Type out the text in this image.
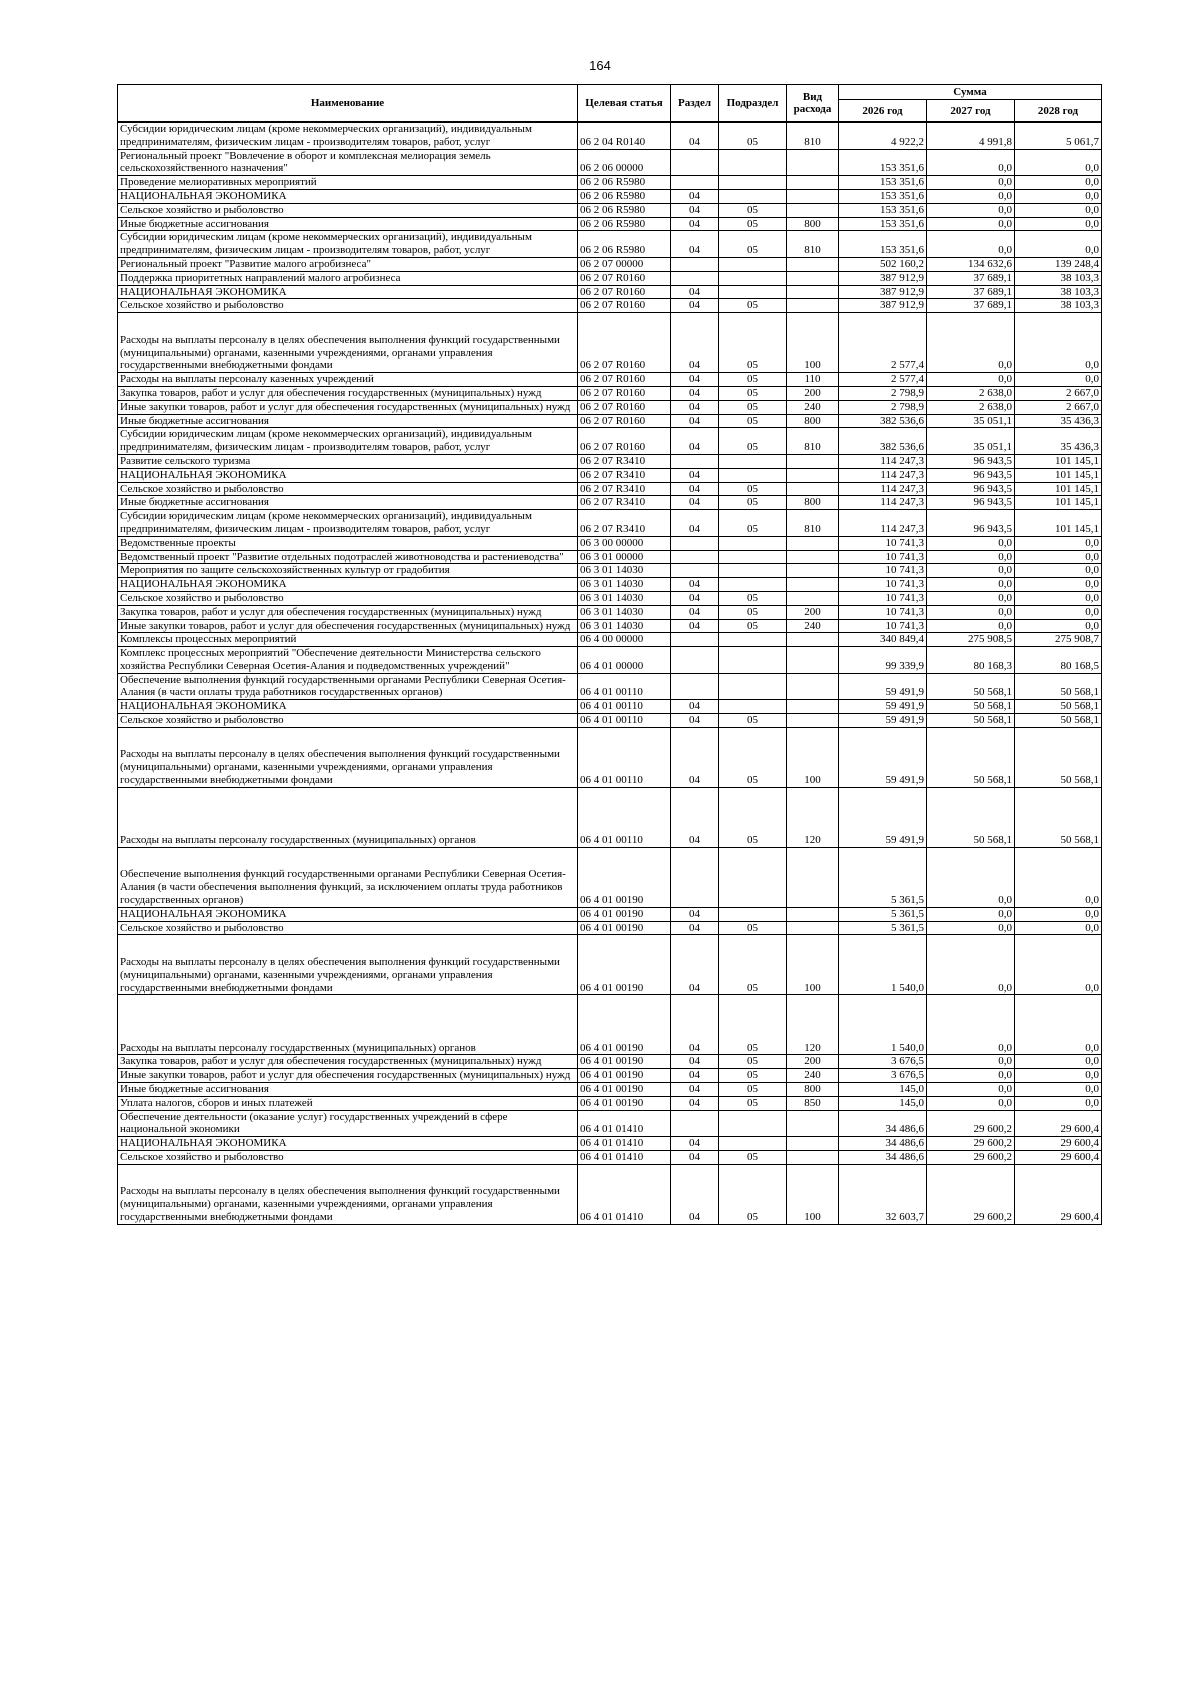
164
Наименование	Целевая статья	Раздел	Подраздел	Вид расхода	Сумма		
					2026 год	2027 год	2028 год
Субсидии юридическим лицам (кроме некоммерческих организаций), индивидуальным предпринимателям, физическим лицам - производителям товаров, работ, услуг	06 2 04 R0140	04	05	810	4 922,2	4 991,8	5 061,7
Региональный проект "Вовлечение в оборот и комплексная мелиорация земель сельскохозяйственного назначения"	06 2 06 00000				153 351,6	0,0	0,0
Проведение мелиоративных мероприятий	06 2 06 R5980				153 351,6	0,0	0,0
НАЦИОНАЛЬНАЯ ЭКОНОМИКА	06 2 06 R5980	04			153 351,6	0,0	0,0
Сельское хозяйство и рыболовство	06 2 06 R5980	04	05		153 351,6	0,0	0,0
Иные бюджетные ассигнования	06 2 06 R5980	04	05	800	153 351,6	0,0	0,0
Субсидии юридическим лицам (кроме некоммерческих организаций), индивидуальным предпринимателям, физическим лицам - производителям товаров, работ, услуг	06 2 06 R5980	04	05	810	153 351,6	0,0	0,0
Региональный проект "Развитие малого агробизнеса"	06 2 07 00000				502 160,2	134 632,6	139 248,4
Поддержка приоритетных направлений малого агробизнеса	06 2 07 R0160				387 912,9	37 689,1	38 103,3
НАЦИОНАЛЬНАЯ ЭКОНОМИКА	06 2 07 R0160	04			387 912,9	37 689,1	38 103,3
Сельское хозяйство и рыболовство	06 2 07 R0160	04	05		387 912,9	37 689,1	38 103,3
Расходы на выплаты персоналу в целях обеспечения выполнения функций государственными (муниципальными) органами, казенными учреждениями, органами управления государственными внебюджетными фондами	06 2 07 R0160	04	05	100	2 577,4	0,0	0,0
Расходы на выплаты персоналу казенных учреждений	06 2 07 R0160	04	05	110	2 577,4	0,0	0,0
Закупка товаров, работ и услуг для обеспечения государственных (муниципальных) нужд	06 2 07 R0160	04	05	200	2 798,9	2 638,0	2 667,0
Иные закупки товаров, работ и услуг для обеспечения государственных (муниципальных) нужд	06 2 07 R0160	04	05	240	2 798,9	2 638,0	2 667,0
Иные бюджетные ассигнования	06 2 07 R0160	04	05	800	382 536,6	35 051,1	35 436,3
Субсидии юридическим лицам (кроме некоммерческих организаций), индивидуальным предпринимателям, физическим лицам - производителям товаров, работ, услуг	06 2 07 R0160	04	05	810	382 536,6	35 051,1	35 436,3
Развитие сельского туризма	06 2 07 R3410				114 247,3	96 943,5	101 145,1
НАЦИОНАЛЬНАЯ ЭКОНОМИКА	06 2 07 R3410	04			114 247,3	96 943,5	101 145,1
Сельское хозяйство и рыболовство	06 2 07 R3410	04	05		114 247,3	96 943,5	101 145,1
Иные бюджетные ассигнования	06 2 07 R3410	04	05	800	114 247,3	96 943,5	101 145,1
Субсидии юридическим лицам (кроме некоммерческих организаций), индивидуальным предпринимателям, физическим лицам - производителям товаров, работ, услуг	06 2 07 R3410	04	05	810	114 247,3	96 943,5	101 145,1
Ведомственные проекты	06 3 00 00000				10 741,3	0,0	0,0
Ведомственный проект "Развитие отдельных подотраслей животноводства и растениеводства"	06 3 01 00000				10 741,3	0,0	0,0
Мероприятия по защите сельскохозяйственных культур от градобития	06 3 01 14030				10 741,3	0,0	0,0
НАЦИОНАЛЬНАЯ ЭКОНОМИКА	06 3 01 14030	04			10 741,3	0,0	0,0
Сельское хозяйство и рыболовство	06 3 01 14030	04	05		10 741,3	0,0	0,0
Закупка товаров, работ и услуг для обеспечения государственных (муниципальных) нужд	06 3 01 14030	04	05	200	10 741,3	0,0	0,0
Иные закупки товаров, работ и услуг для обеспечения государственных (муниципальных) нужд	06 3 01 14030	04	05	240	10 741,3	0,0	0,0
Комплексы процессных мероприятий	06 4 00 00000				340 849,4	275 908,5	275 908,7
Комплекс процессных мероприятий "Обеспечение деятельности Министерства сельского хозяйства Республики Северная Осетия-Алания и подведомственных учреждений"	06 4 01 00000				99 339,9	80 168,3	80 168,5
Обеспечение выполнения функций государственными органами Республики Северная Осетия-Алания (в части оплаты труда работников государственных органов)	06 4 01 00110				59 491,9	50 568,1	50 568,1
НАЦИОНАЛЬНАЯ ЭКОНОМИКА	06 4 01 00110	04			59 491,9	50 568,1	50 568,1
Сельское хозяйство и рыболовство	06 4 01 00110	04	05		59 491,9	50 568,1	50 568,1
Расходы на выплаты персоналу в целях обеспечения выполнения функций государственными (муниципальными) органами, казенными учреждениями, органами управления государственными внебюджетными фондами	06 4 01 00110	04	05	100	59 491,9	50 568,1	50 568,1
Расходы на выплаты персоналу государственных (муниципальных) органов	06 4 01 00110	04	05	120	59 491,9	50 568,1	50 568,1
Обеспечение выполнения функций государственными органами Республики Северная Осетия-Алания (в части обеспечения выполнения функций, за исключением оплаты труда работников государственных органов)	06 4 01 00190				5 361,5	0,0	0,0
НАЦИОНАЛЬНАЯ ЭКОНОМИКА	06 4 01 00190	04			5 361,5	0,0	0,0
Сельское хозяйство и рыболовство	06 4 01 00190	04	05		5 361,5	0,0	0,0
Расходы на выплаты персоналу в целях обеспечения выполнения функций государственными (муниципальными) органами, казенными учреждениями, органами управления государственными внебюджетными фондами	06 4 01 00190	04	05	100	1 540,0	0,0	0,0
Расходы на выплаты персоналу государственных (муниципальных) органов	06 4 01 00190	04	05	120	1 540,0	0,0	0,0
Закупка товаров, работ и услуг для обеспечения государственных (муниципальных) нужд	06 4 01 00190	04	05	200	3 676,5	0,0	0,0
Иные закупки товаров, работ и услуг для обеспечения государственных (муниципальных) нужд	06 4 01 00190	04	05	240	3 676,5	0,0	0,0
Иные бюджетные ассигнования	06 4 01 00190	04	05	800	145,0	0,0	0,0
Уплата налогов, сборов и иных платежей	06 4 01 00190	04	05	850	145,0	0,0	0,0
Обеспечение деятельности (оказание услуг) государственных учреждений в сфере национальной экономики	06 4 01 01410				34 486,6	29 600,2	29 600,4
НАЦИОНАЛЬНАЯ ЭКОНОМИКА	06 4 01 01410	04			34 486,6	29 600,2	29 600,4
Сельское хозяйство и рыболовство	06 4 01 01410	04	05		34 486,6	29 600,2	29 600,4
Расходы на выплаты персоналу в целях обеспечения выполнения функций государственными (муниципальными) органами, казенными учреждениями, органами управления государственными внебюджетными фондами	06 4 01 01410	04	05	100	32 603,7	29 600,2	29 600,4
